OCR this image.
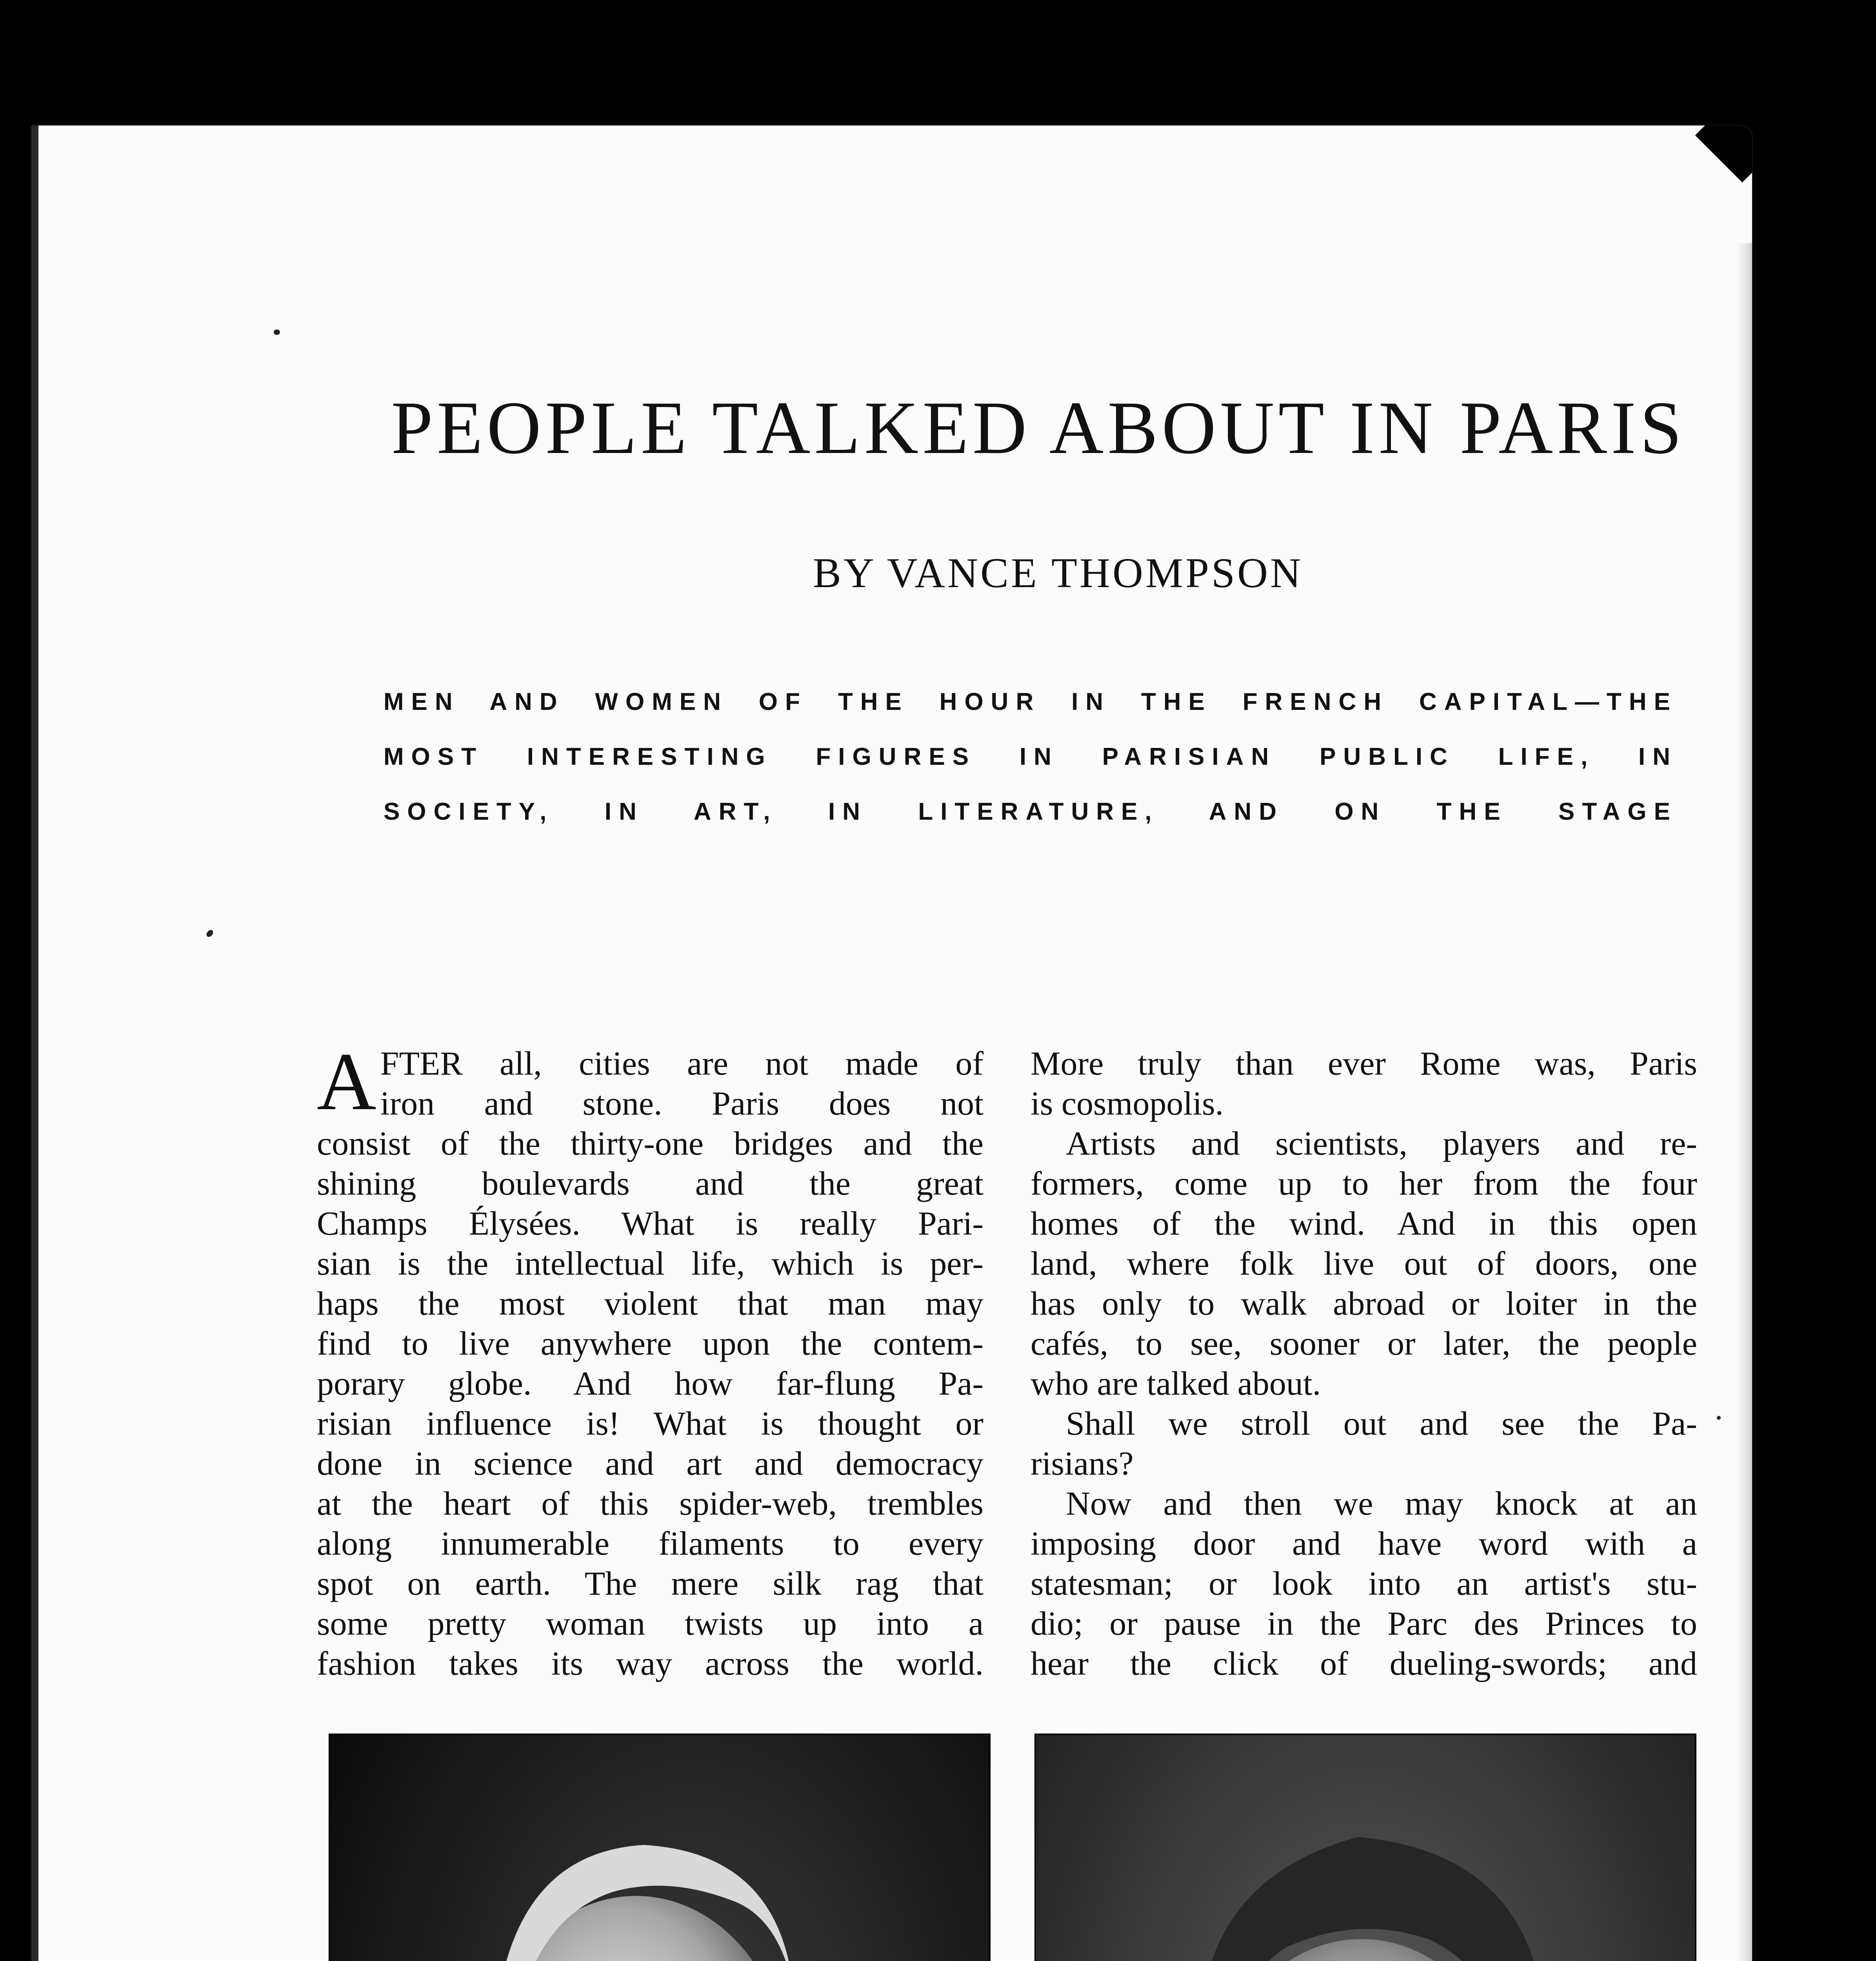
PEOPLE TALKED ABOUT IN PARIS
BY VANCE THOMPSON
MEN AND WOMEN OF THE HOUR IN THE FRENCH CAPITAL—THE
MOST INTERESTING FIGURES IN PARISIAN PUBLIC LIFE, IN
SOCIETY, IN ART, IN LITERATURE, AND ON THE STAGE
A FTER all, cities are not made of
iron and stone. Paris does not
consist of the thirty-one bridges and the
shining boulevards and the great
Champs Élysées. What is really Pari-
sian is the intellectual life, which is per-
haps the most violent that man may
find to live anywhere upon the contem-
porary globe. And how far-flung Pa-
risian influence is! What is thought or
done in science and art and democracy
at the heart of this spider-web, trembles
along innumerable filaments to every
spot on earth. The mere silk rag that
some pretty woman twists up into a
fashion takes its way across the world.
More truly than ever Rome was, Paris
is cosmopolis.
Artists and scientists, players and re-
formers, come up to her from the four
homes of the wind. And in this open
land, where folk live out of doors, one
has only to walk abroad or loiter in the
cafés, to see, sooner or later, the people
who are talked about.
Shall we stroll out and see the Pa-
risians?
Now and then we may knock at an
imposing door and have word with a
statesman; or look into an artist's stu-
dio; or pause in the Parc des Princes to
hear the click of dueling-swords; and
